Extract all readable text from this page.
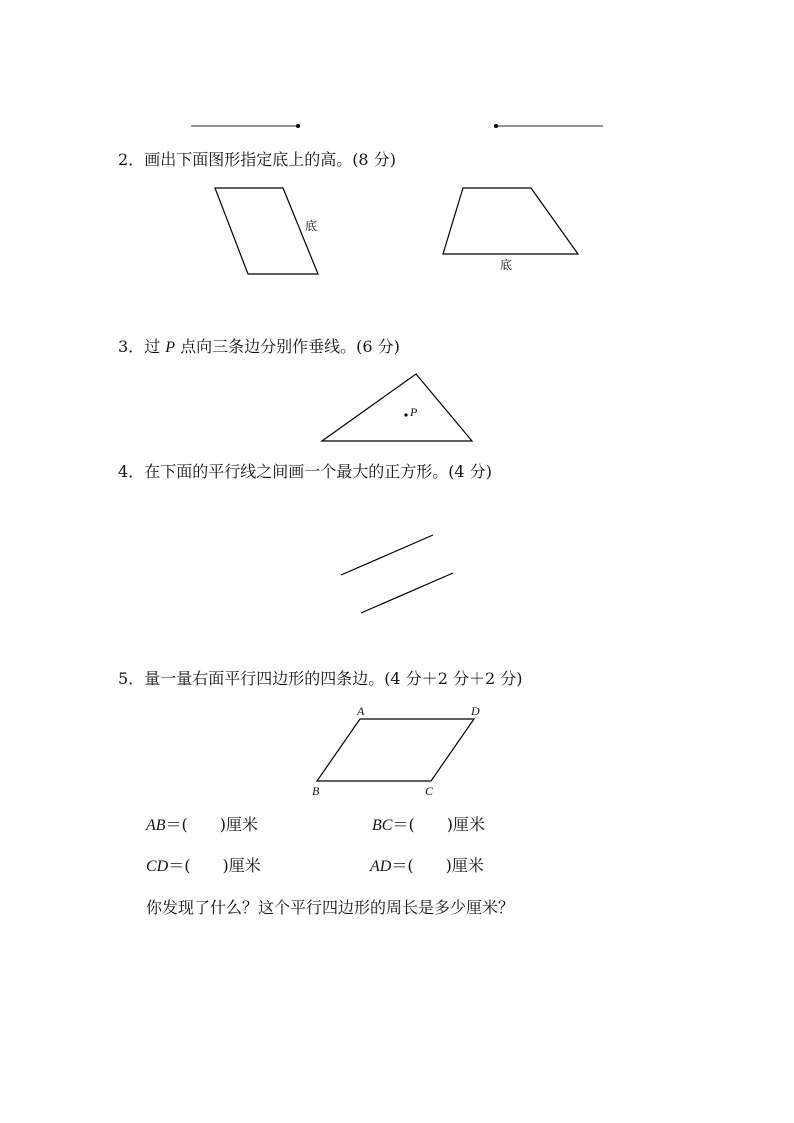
2．画出下面图形指定底上的高。(8 分)
底
底
3．过 P 点向三条边分别作垂线。(6 分)
P
4．在下面的平行线之间画一个最大的正方形。(4 分)
5．量一量右面平行四边形的四条边。(4 分＋2 分＋2 分)
A	D
B	C
AB＝( )厘米	BC＝( )厘米
CD＝( )厘米	AD＝( )厘米
你发现了什么？这个平行四边形的周长是多少厘米？
